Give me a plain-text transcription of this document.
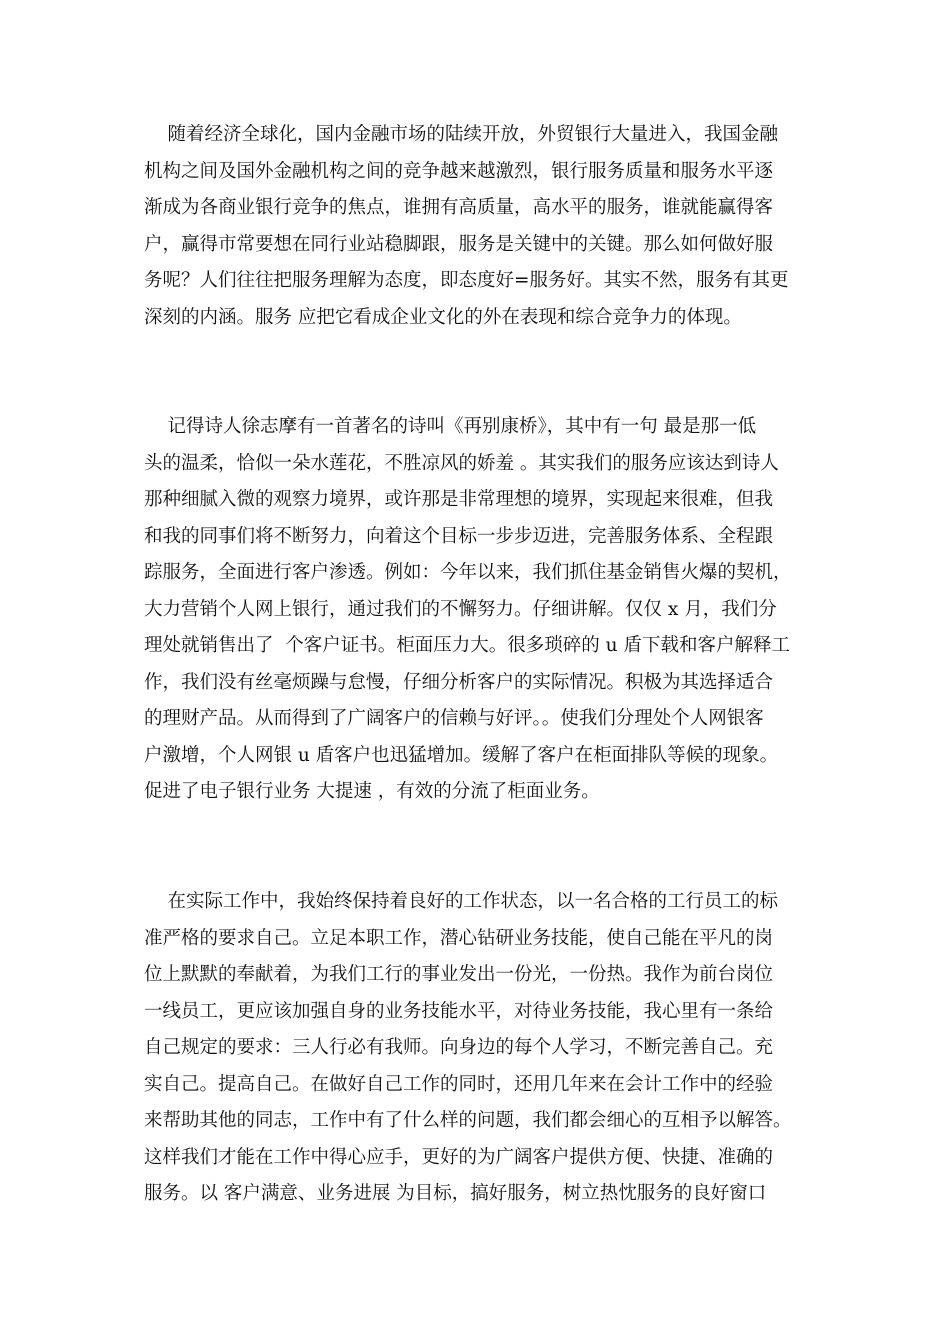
随着经济全球化，国内金融市场的陆续开放，外贸银行大量进入，我国金融
机构之间及国外金融机构之间的竞争越来越激烈，银行服务质量和服务水平逐
渐成为各商业银行竞争的焦点，谁拥有高质量，高水平的服务，谁就能赢得客
户，赢得市常要想在同行业站稳脚跟，服务是关键中的关键。那么如何做好服
务呢？人们往往把服务理解为态度，即态度好=服务好。其实不然，服务有其更
深刻的内涵。服务 应把它看成企业文化的外在表现和综合竞争力的体现。
记得诗人徐志摩有一首著名的诗叫《再别康桥》，其中有一句 最是那一低
头的温柔，恰似一朵水莲花，不胜凉风的娇羞 。其实我们的服务应该达到诗人
那种细腻入微的观察力境界，或许那是非常理想的境界，实现起来很难，但我
和我的同事们将不断努力，向着这个目标一步步迈进，完善服务体系、全程跟
踪服务，全面进行客户渗透。例如：今年以来，我们抓住基金销售火爆的契机，
大力营销个人网上银行，通过我们的不懈努力。仔细讲解。仅仅 x 月，我们分
理处就销售出了  个客户证书。柜面压力大。很多琐碎的 u 盾下载和客户解释工
作，我们没有丝毫烦躁与怠慢，仔细分析客户的实际情况。积极为其选择适合
的理财产品。从而得到了广阔客户的信赖与好评。。使我们分理处个人网银客
户激增，个人网银 u 盾客户也迅猛增加。缓解了客户在柜面排队等候的现象。
促进了电子银行业务 大提速 ，有效的分流了柜面业务。
在实际工作中，我始终保持着良好的工作状态，以一名合格的工行员工的标
准严格的要求自己。立足本职工作，潜心钻研业务技能，使自己能在平凡的岗
位上默默的奉献着，为我们工行的事业发出一份光，一份热。我作为前台岗位
一线员工，更应该加强自身的业务技能水平，对待业务技能，我心里有一条给
自己规定的要求：三人行必有我师。向身边的每个人学习，不断完善自己。充
实自己。提高自己。在做好自己工作的同时，还用几年来在会计工作中的经验
来帮助其他的同志，工作中有了什么样的问题，我们都会细心的互相予以解答。
这样我们才能在工作中得心应手，更好的为广阔客户提供方便、快捷、准确的
服务。以 客户满意、业务进展 为目标，搞好服务，树立热忱服务的良好窗口
